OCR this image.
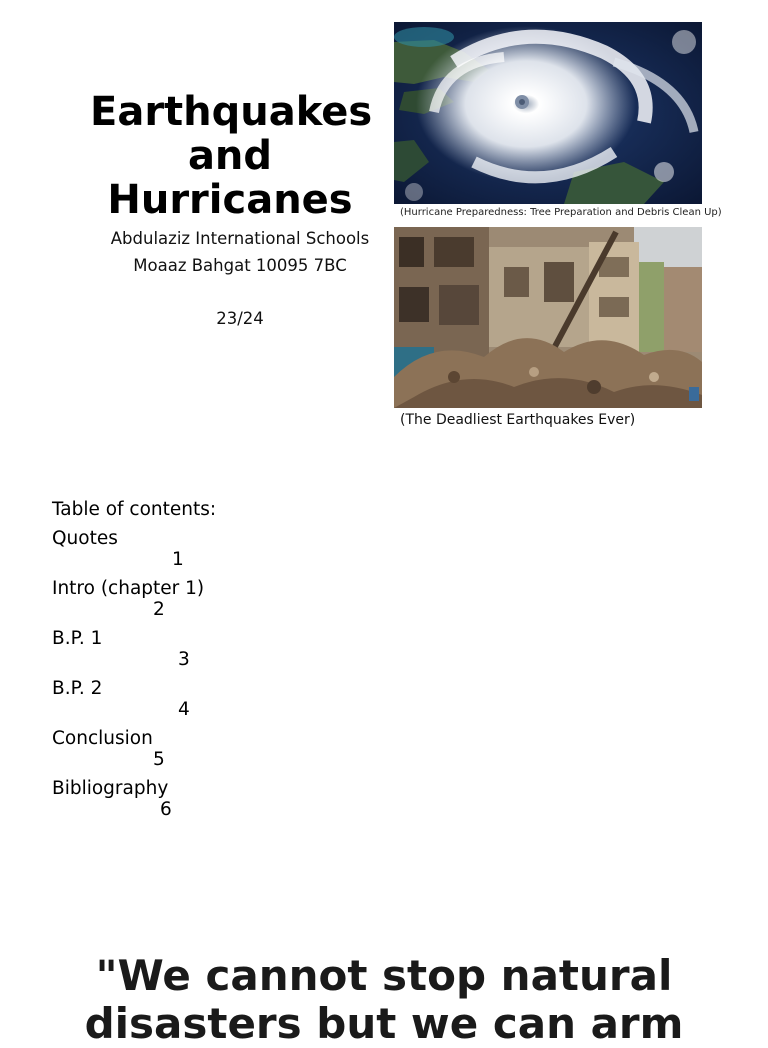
Earthquakes and Hurricanes
Abdulaziz International Schools
Moaaz Bahgat 10095 7BC
23/24
(Hurricane Preparedness: Tree Preparation and Debris Clean Up)
(The Deadliest Earthquakes Ever)
Table of contents:
Quotes
1
Intro (chapter 1)
2
B.P. 1
3
B.P. 2
4
Conclusion
5
Bibliography
6
"We cannot stop natural disasters but we can arm
